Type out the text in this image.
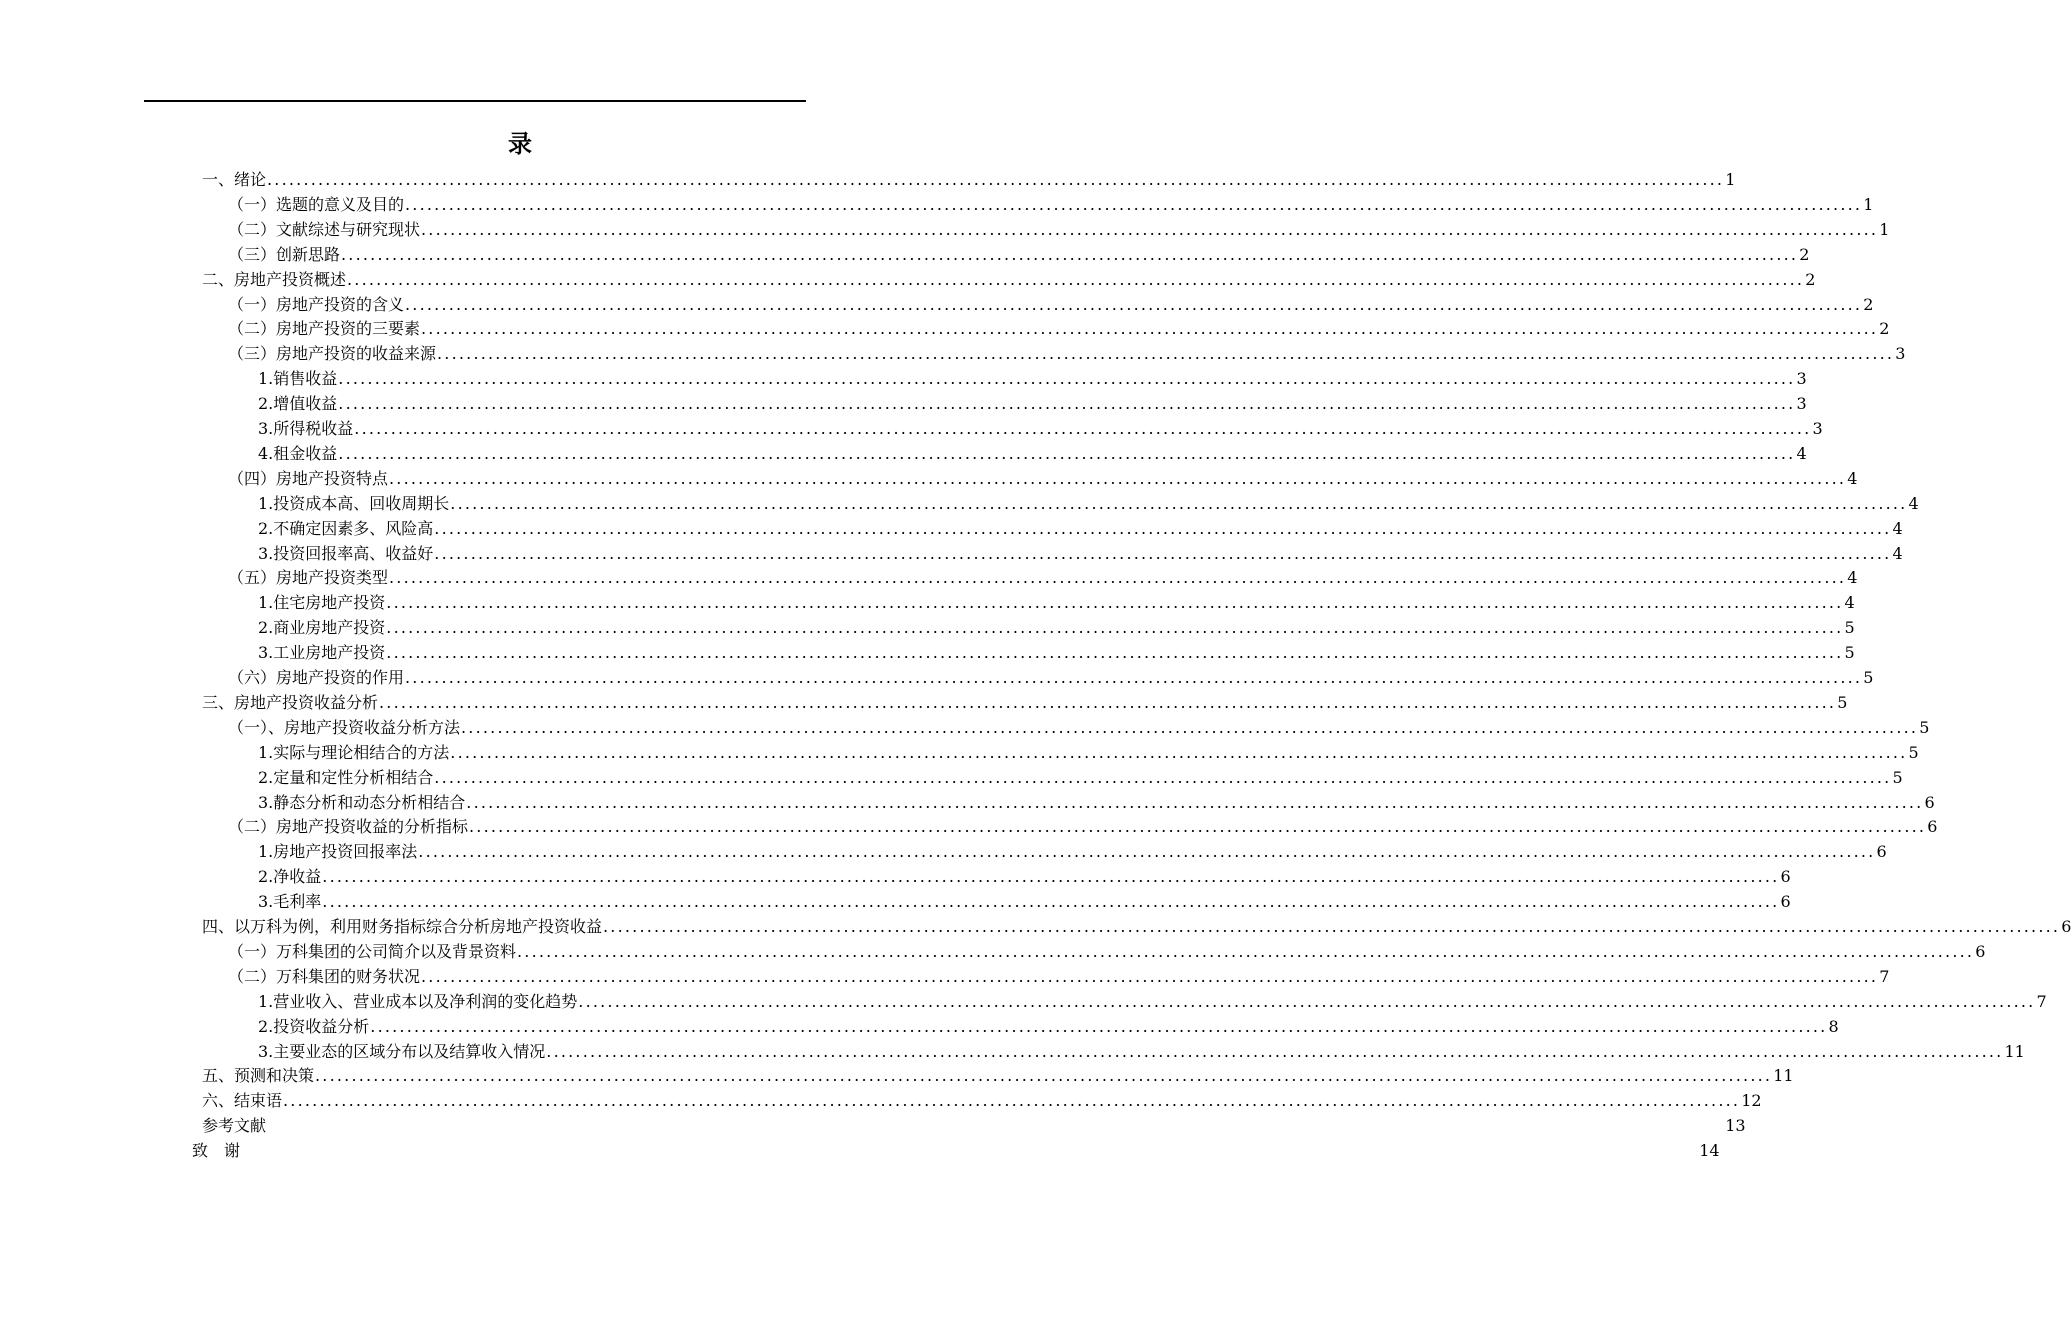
录
一、绪论 ........................................................................................................................................................................................................ 1
（一）选题的意义及目的 ........................................................................................................................................................................................................ 1
（二）文献综述与研究现状 ........................................................................................................................................................................................................ 1
（三）创新思路 ........................................................................................................................................................................................................ 2
二、房地产投资概述 ........................................................................................................................................................................................................ 2
（一）房地产投资的含义 ........................................................................................................................................................................................................ 2
（二）房地产投资的三要素 ........................................................................................................................................................................................................ 2
（三）房地产投资的收益来源 ........................................................................................................................................................................................................ 3
1.销售收益 ........................................................................................................................................................................................................ 3
2.增值收益 ........................................................................................................................................................................................................ 3
3.所得税收益 ........................................................................................................................................................................................................ 3
4.租金收益 ........................................................................................................................................................................................................ 4
（四）房地产投资特点 ........................................................................................................................................................................................................ 4
1.投资成本高、回收周期长 ........................................................................................................................................................................................................ 4
2.不确定因素多、风险高 ........................................................................................................................................................................................................ 4
3.投资回报率高、收益好 ........................................................................................................................................................................................................ 4
（五）房地产投资类型 ........................................................................................................................................................................................................ 4
1.住宅房地产投资 ........................................................................................................................................................................................................ 4
2.商业房地产投资 ........................................................................................................................................................................................................ 5
3.工业房地产投资 ........................................................................................................................................................................................................ 5
（六）房地产投资的作用 ........................................................................................................................................................................................................ 5
三、房地产投资收益分析 ........................................................................................................................................................................................................ 5
（一）、房地产投资收益分析方法 ........................................................................................................................................................................................................ 5
1.实际与理论相结合的方法 ........................................................................................................................................................................................................ 5
2.定量和定性分析相结合 ........................................................................................................................................................................................................ 5
3.静态分析和动态分析相结合 ........................................................................................................................................................................................................ 6
（二）房地产投资收益的分析指标 ........................................................................................................................................................................................................ 6
1.房地产投资回报率法 ........................................................................................................................................................................................................ 6
2.净收益 ........................................................................................................................................................................................................ 6
3.毛利率 ........................................................................................................................................................................................................ 6
四、以万科为例，利用财务指标综合分析房地产投资收益 ........................................................................................................................................................................................................ 6
（一）万科集团的公司简介以及背景资料 ........................................................................................................................................................................................................ 6
（二）万科集团的财务状况 ........................................................................................................................................................................................................ 7
1.营业收入、营业成本以及净利润的变化趋势 ........................................................................................................................................................................................................ 7
2.投资收益分析 ........................................................................................................................................................................................................ 8
3.主要业态的区域分布以及结算收入情况 ........................................................................................................................................................................................................ 11
五、预测和决策 ........................................................................................................................................................................................................ 11
六、结束语 ........................................................................................................................................................................................................ 12
参考文献	13
致　谢	14
